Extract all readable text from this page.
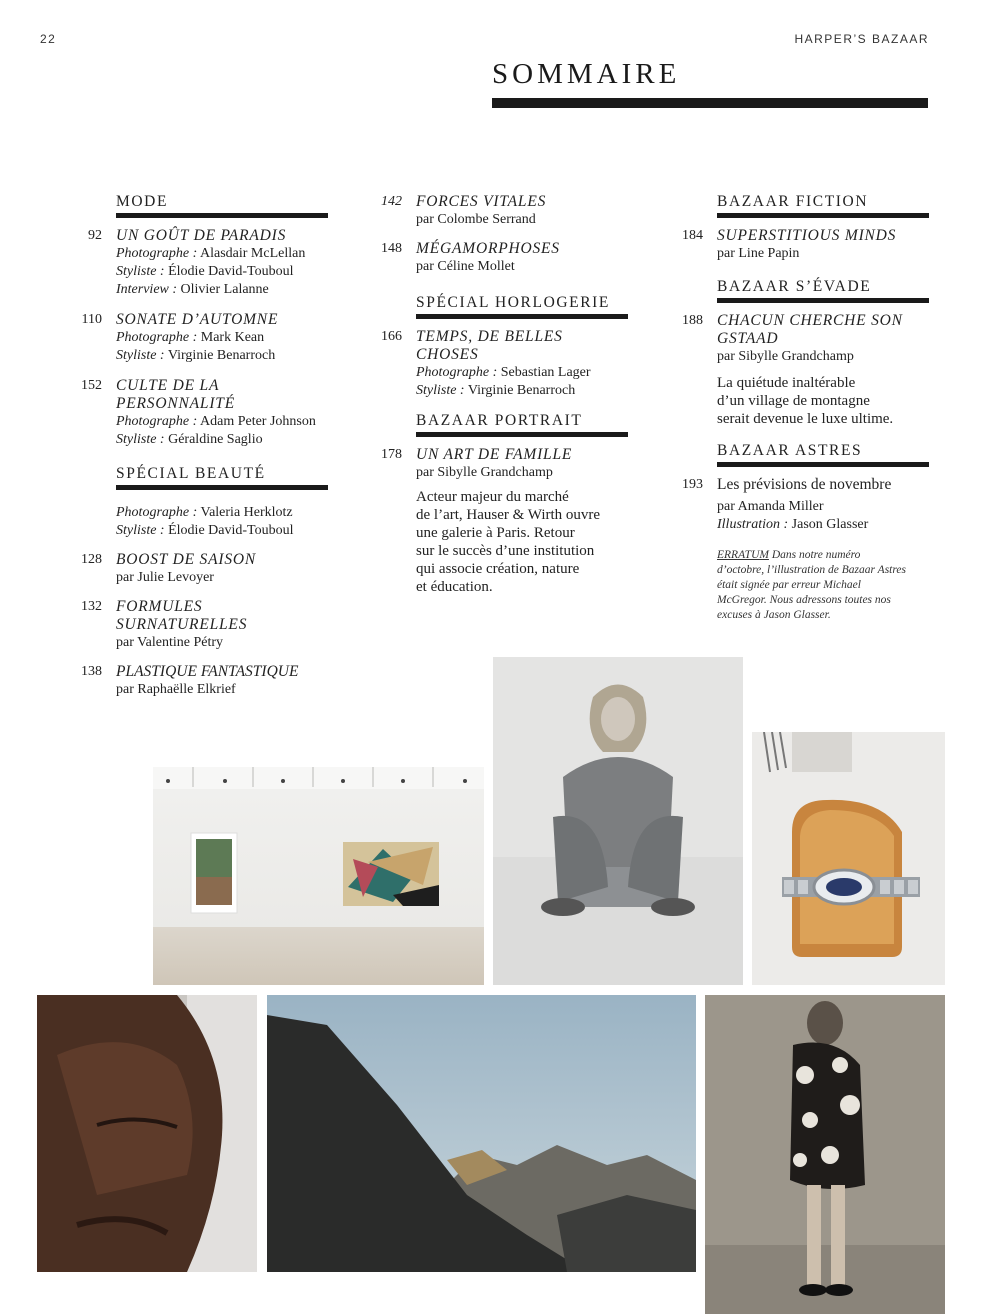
22	HARPER’S BAZAAR
SOMMAIRE
MODE
92 UN GOÛT DE PARADIS
Photographe : Alasdair McLellan
Styliste : Élodie David-Touboul
Interview : Olivier Lalanne
110 SONATE D’AUTOMNE
Photographe : Mark Kean
Styliste : Virginie Benarroch
152 CULTE DE LA
PERSONNALITÉ
Photographe : Adam Peter Johnson
Styliste : Géraldine Saglio
SPÉCIAL BEAUTÉ
Photographe : Valeria Herklotz
Styliste : Élodie David-Touboul
128 BOOST DE SAISON
par Julie Levoyer
132 FORMULES
SURNATURELLES
par Valentine Pétry
138 PLASTIQUE FANTASTIQUE
par Raphaëlle Elkrief
142 FORCES VITALES
par Colombe Serrand
148 MÉGAMORPHOSES
par Céline Mollet
SPÉCIAL HORLOGERIE
166 TEMPS, DE BELLES
CHOSES
Photographe : Sebastian Lager
Styliste : Virginie Benarroch
BAZAAR PORTRAIT
178 UN ART DE FAMILLE
par Sibylle Grandchamp
Acteur majeur du marché
de l’art, Hauser & Wirth ouvre
une galerie à Paris. Retour
sur le succès d’une institution
qui associe création, nature
et éducation.
BAZAAR FICTION
184 SUPERSTITIOUS MINDS
par Line Papin
BAZAAR S’ÉVADE
188 CHACUN CHERCHE SON
GSTAAD
par Sibylle Grandchamp
La quiétude inaltérable
d’un village de montagne
serait devenue le luxe ultime.
BAZAAR ASTRES
193 Les prévisions de novembre
par Amanda Miller
Illustration : Jason Glasser
ERRATUM Dans notre numéro
d’octobre, l’illustration de Bazaar Astres
était signée par erreur Michael
McGregor. Nous adressons toutes nos
excuses à Jason Glasser.
